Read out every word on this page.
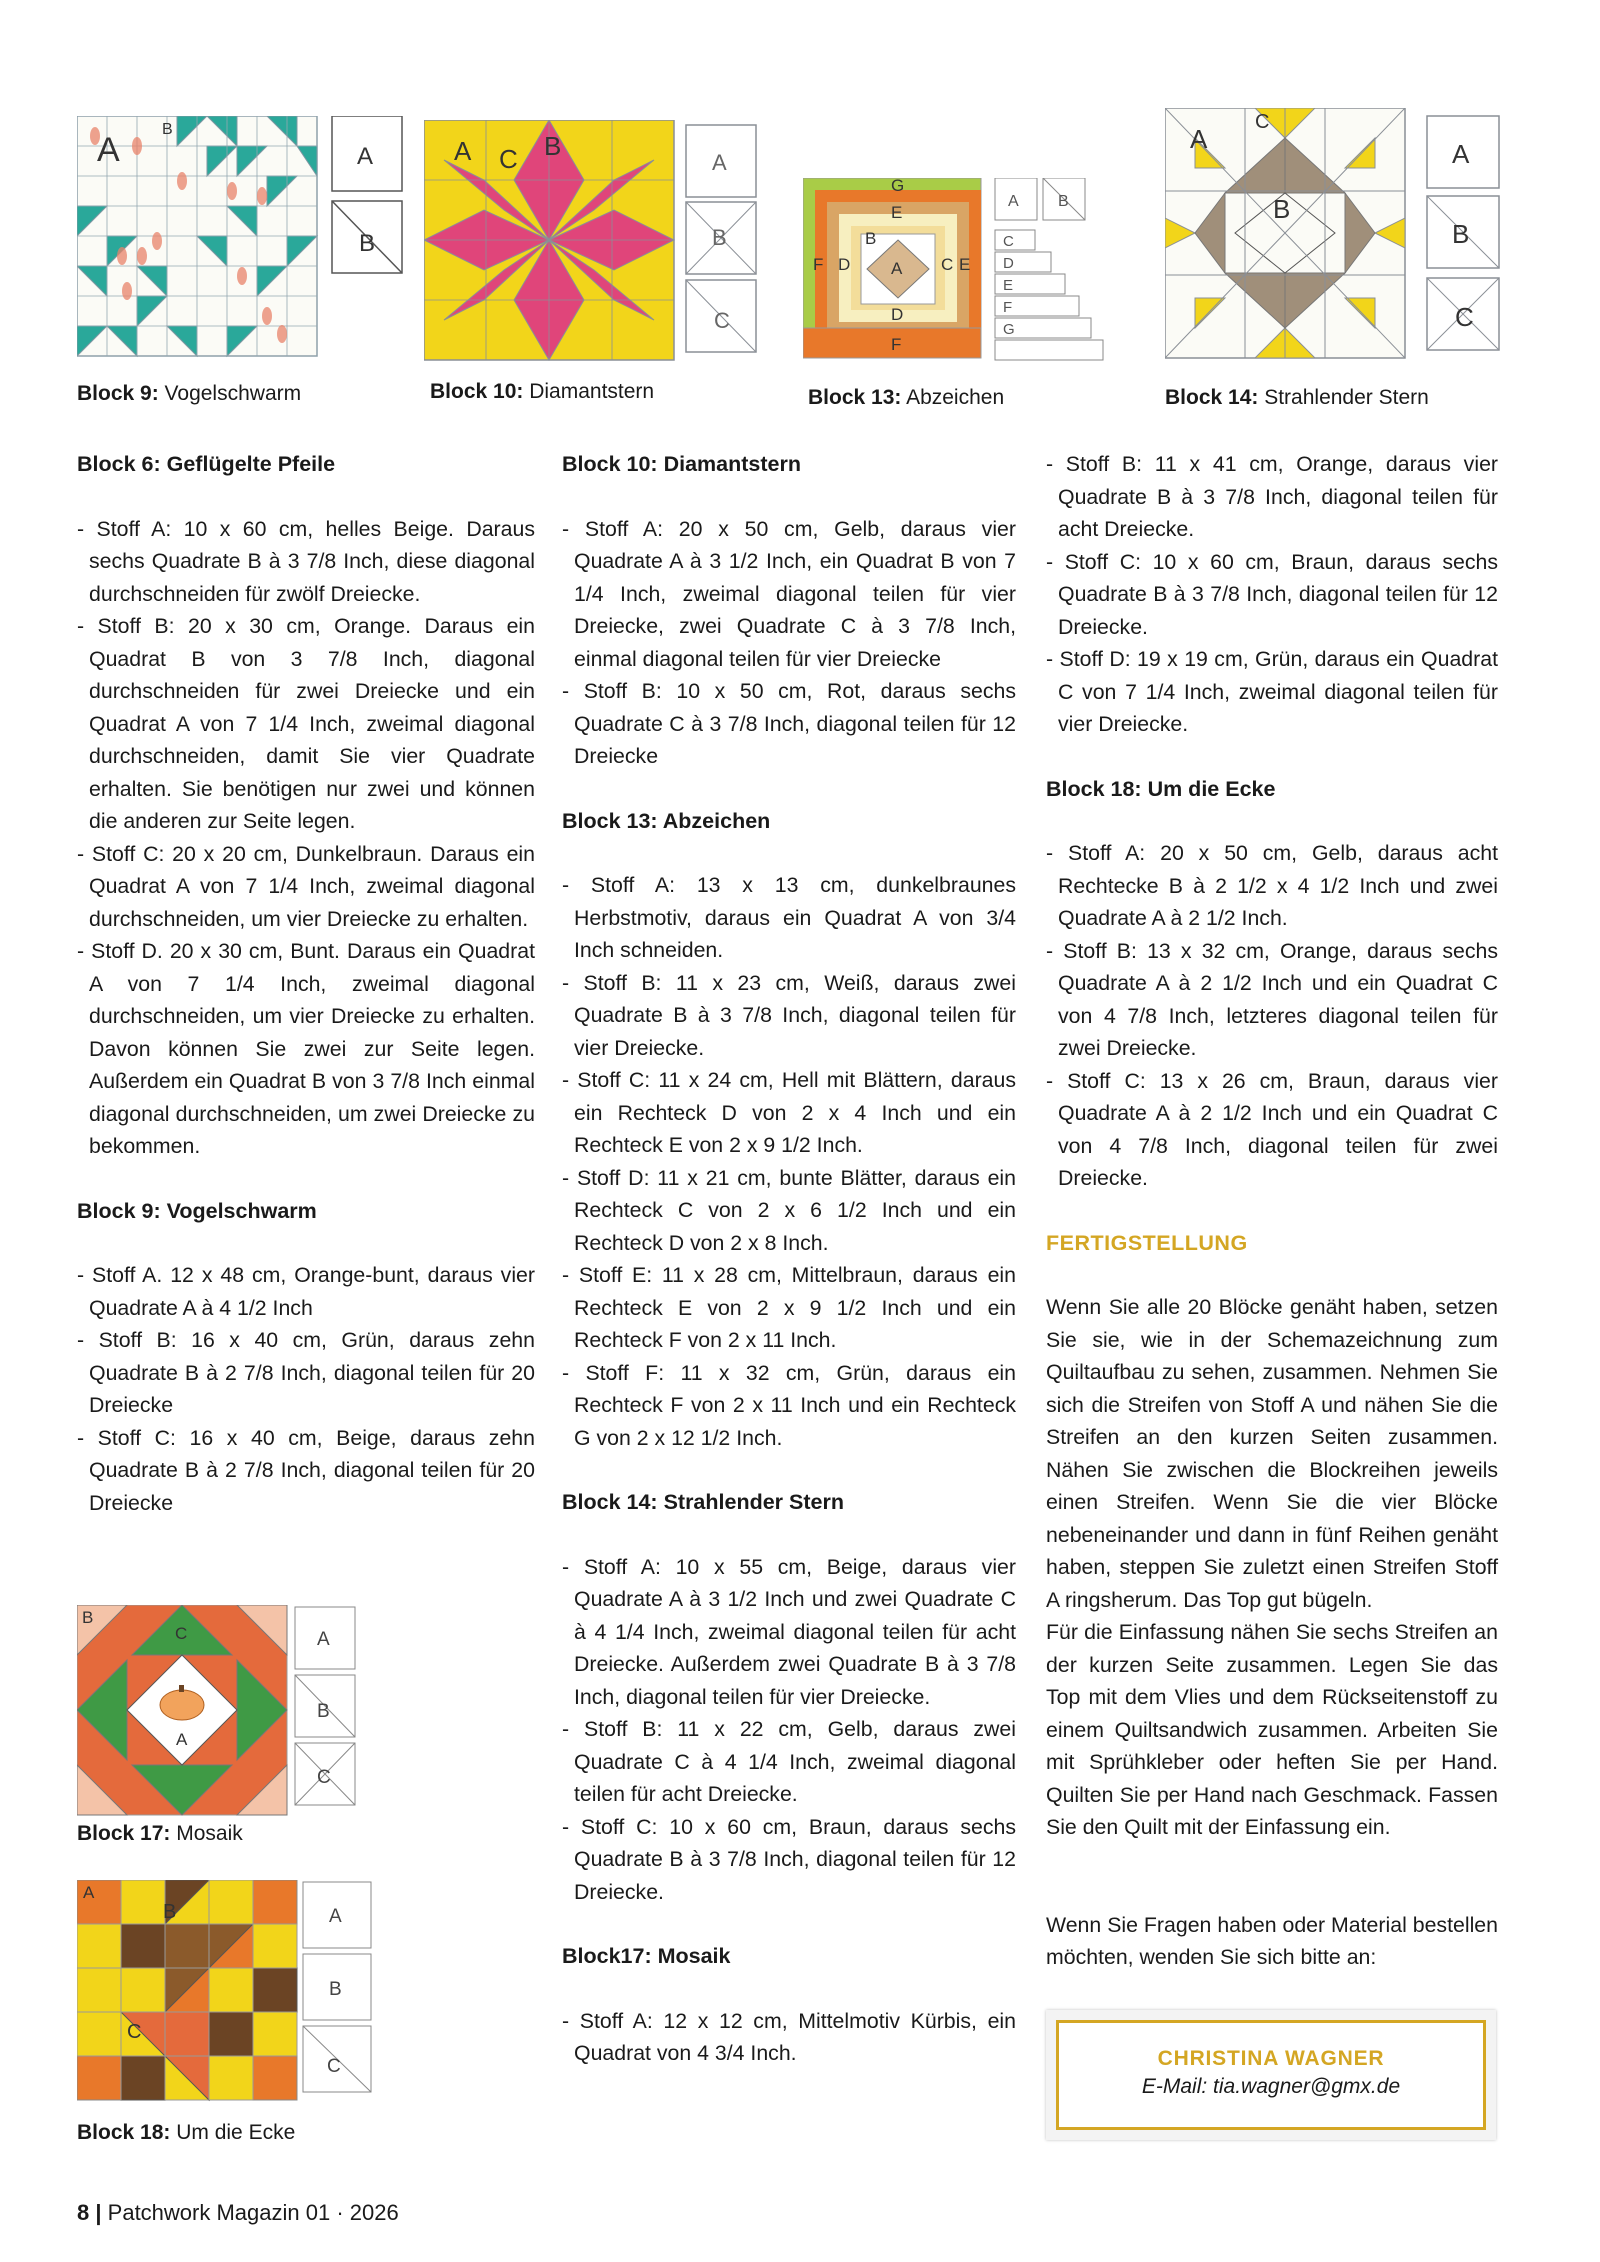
A
B
A
B
A C B
A
B
C
G
E
F D
B
A C E
D
F
A B
C
D
E
F
G
A
C
B
A
B
C
Block 9: Vogelschwarm	Block 10: Diamantstern	Block 13: Abzeichen	Block 14: Strahlender Stern
Block 6: Geflügelte Pfeile
- Stoff A: 10 x 60 cm, helles Beige. Daraus sechs Quadrate B à 3 7/8 Inch, diese diagonal durchschneiden für zwölf Dreiecke.
- Stoff B: 20 x 30 cm, Orange. Daraus ein Quadrat B von 3 7/8 Inch, diagonal durchschneiden für zwei Dreiecke und ein Quadrat A von 7 1/4 Inch, zweimal diagonal durchschneiden, damit Sie vier Quadrate erhalten. Sie benötigen nur zwei und können die anderen zur Seite legen.
- Stoff C: 20 x 20 cm, Dunkelbraun. Daraus ein Quadrat A von 7 1/4 Inch, zweimal diagonal durchschneiden, um vier Dreiecke zu erhalten.
- Stoff D. 20 x 30 cm, Bunt. Daraus ein Quadrat A von 7 1/4 Inch, zweimal diagonal durchschneiden, um vier Dreiecke zu erhalten. Davon können Sie zwei zur Seite legen. Außerdem ein Quadrat B von 3 7/8 Inch einmal diagonal durchschneiden, um zwei Dreiecke zu bekommen.
Block 9: Vogelschwarm
- Stoff A. 12 x 48 cm, Orange-bunt, daraus vier Quadrate A à 4 1/2 Inch
- Stoff B: 16 x 40 cm, Grün, daraus zehn Quadrate B à 2 7/8 Inch, diagonal teilen für 20 Dreiecke
- Stoff C: 16 x 40 cm, Beige, daraus zehn Quadrate B à 2 7/8 Inch, diagonal teilen für 20 Dreiecke
B
C
A
A
B
C
Block 17: Mosaik
A
B
C
A
B
C
Block 18: Um die Ecke
Block 10: Diamantstern
- Stoff A: 20 x 50 cm, Gelb, daraus vier Quadrate A à 3 1/2 Inch, ein Quadrat B von 7 1/4 Inch, zweimal diagonal teilen für vier Dreiecke, zwei Quadrate C à 3 7/8 Inch, einmal diagonal teilen für vier Dreiecke
- Stoff B: 10 x 50 cm, Rot, daraus sechs Quadrate C à 3 7/8 Inch, diagonal teilen für 12 Dreiecke
Block 13: Abzeichen
- Stoff A: 13 x 13 cm, dunkelbraunes Herbstmotiv, daraus ein Quadrat A von 3/4 Inch schneiden.
- Stoff B: 11 x 23 cm, Weiß, daraus zwei Quadrate B à 3 7/8 Inch, diagonal teilen für vier Dreiecke.
- Stoff C: 11 x 24 cm, Hell mit Blättern, daraus ein Rechteck D von 2 x 4 Inch und ein Rechteck E von 2 x 9 1/2 Inch.
- Stoff D: 11 x 21 cm, bunte Blätter, daraus ein Rechteck C von 2 x 6 1/2 Inch und ein Rechteck D von 2 x 8 Inch.
- Stoff E: 11 x 28 cm, Mittelbraun, daraus ein Rechteck E von 2 x 9 1/2 Inch und ein Rechteck F von 2 x 11 Inch.
- Stoff F: 11 x 32 cm, Grün, daraus ein Rechteck F von 2 x 11 Inch und ein Rechteck G von 2 x 12 1/2 Inch.
Block 14: Strahlender Stern
- Stoff A: 10 x 55 cm, Beige, daraus vier Quadrate A à 3 1/2 Inch und zwei Quadrate C à 4 1/4 Inch, zweimal diagonal teilen für acht Dreiecke. Außerdem zwei Quadrate B à 3 7/8 Inch, diagonal teilen für vier Dreiecke.
- Stoff B: 11 x 22 cm, Gelb, daraus zwei Quadrate C à 4 1/4 Inch, zweimal diagonal teilen für acht Dreiecke.
- Stoff C: 10 x 60 cm, Braun, daraus sechs Quadrate B à 3 7/8 Inch, diagonal teilen für 12 Dreiecke.
Block17: Mosaik
- Stoff A: 12 x 12 cm, Mittelmotiv Kürbis, ein Quadrat von 4 3/4 Inch.
- Stoff B: 11 x 41 cm, Orange, daraus vier Quadrate B à 3 7/8 Inch, diagonal teilen für acht Dreiecke.
- Stoff C: 10 x 60 cm, Braun, daraus sechs Quadrate B à 3 7/8 Inch, diagonal teilen für 12 Dreiecke.
- Stoff D: 19 x 19 cm, Grün, daraus ein Quadrat C von 7 1/4 Inch, zweimal diagonal teilen für vier Dreiecke.
Block 18: Um die Ecke
- Stoff A: 20 x 50 cm, Gelb, daraus acht Rechtecke B à 2 1/2 x 4 1/2 Inch und zwei Quadrate A à 2 1/2 Inch.
- Stoff B: 13 x 32 cm, Orange, daraus sechs Quadrate A à 2 1/2 Inch und ein Quadrat C von 4 7/8 Inch, letzteres diagonal teilen für zwei Dreiecke.
- Stoff C: 13 x 26 cm, Braun, daraus vier Quadrate A à 2 1/2 Inch und ein Quadrat C von 4 7/8 Inch, diagonal teilen für zwei Dreiecke.
FERTIGSTELLUNG

Wenn Sie alle 20 Blöcke genäht haben, setzen Sie sie, wie in der Schemazeichnung zum Quiltaufbau zu sehen, zusammen. Nehmen Sie sich die Streifen von Stoff A und nähen Sie die Streifen an den kurzen Seiten zusammen. Nähen Sie zwischen die Blockreihen jeweils einen Streifen. Wenn Sie die vier Blöcke nebeneinander und dann in fünf Reihen genäht haben, steppen Sie zuletzt einen Streifen Stoff A ringsherum. Das Top gut bügeln.

Für die Einfassung nähen Sie sechs Streifen an der kurzen Seite zusammen. Legen Sie das Top mit dem Vlies und dem Rückseitenstoff zu einem Quiltsandwich zusammen. Arbeiten Sie mit Sprühkleber oder heften Sie per Hand. Quilten Sie per Hand nach Geschmack. Fassen Sie den Quilt mit der Einfassung ein.

Wenn Sie Fragen haben oder Material bestellen möchten, wenden Sie sich bitte an:

CHRISTINA WAGNER
E-Mail: tia.wagner@gmx.de
8 | Patchwork Magazin 01 · 2026
